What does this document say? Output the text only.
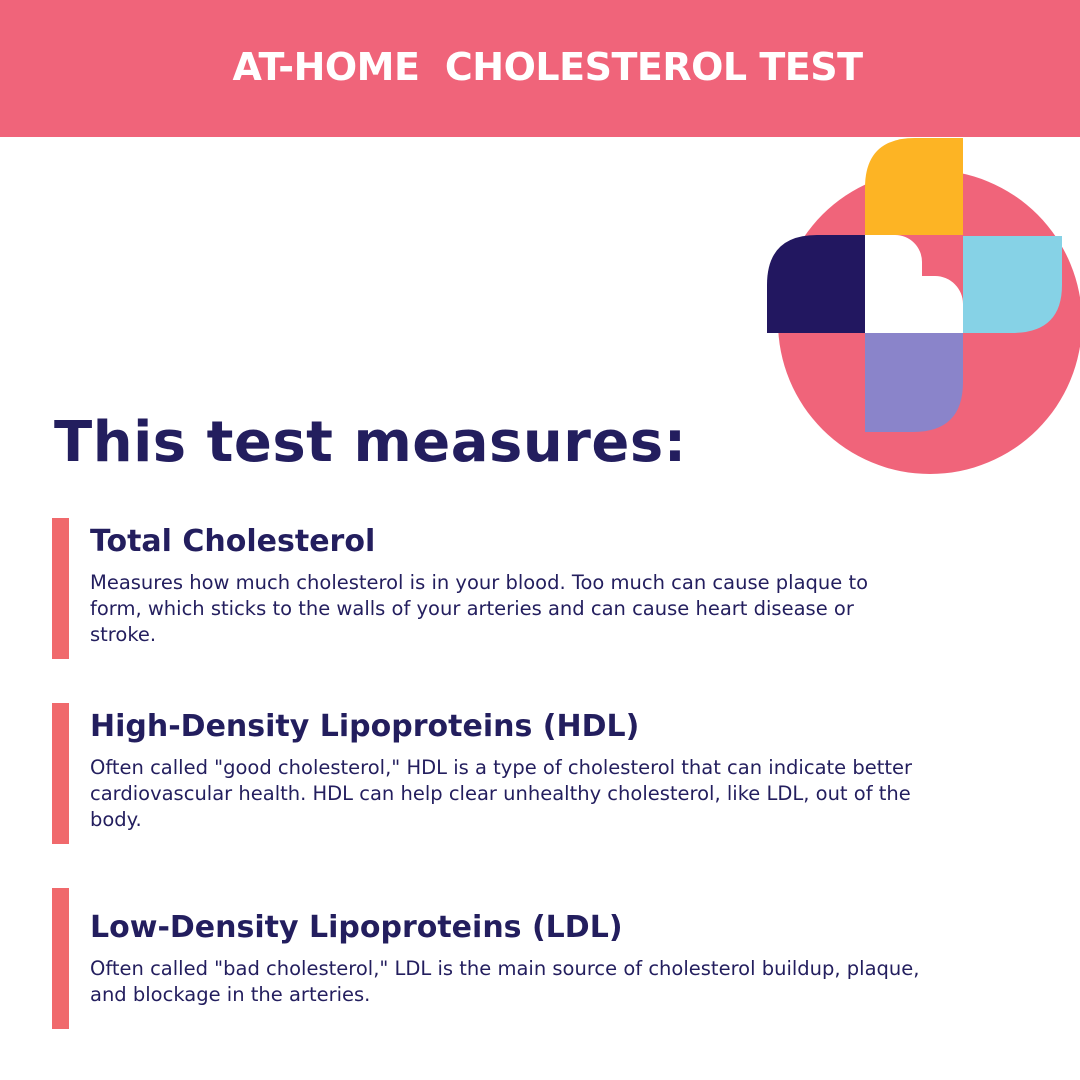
AT-HOME  CHOLESTEROL TEST
This test measures:
Total Cholesterol
Measures how much cholesterol is in your blood. Too much can cause plaque to form, which sticks to the walls of your arteries and can cause heart disease or stroke.
High-Density Lipoproteins (HDL)
Often called "good cholesterol," HDL is a type of cholesterol that can indicate better cardiovascular health. HDL can help clear unhealthy cholesterol, like LDL, out of the body.
Low-Density Lipoproteins (LDL)
Often called "bad cholesterol," LDL is the main source of cholesterol buildup, plaque, and blockage in the arteries.
